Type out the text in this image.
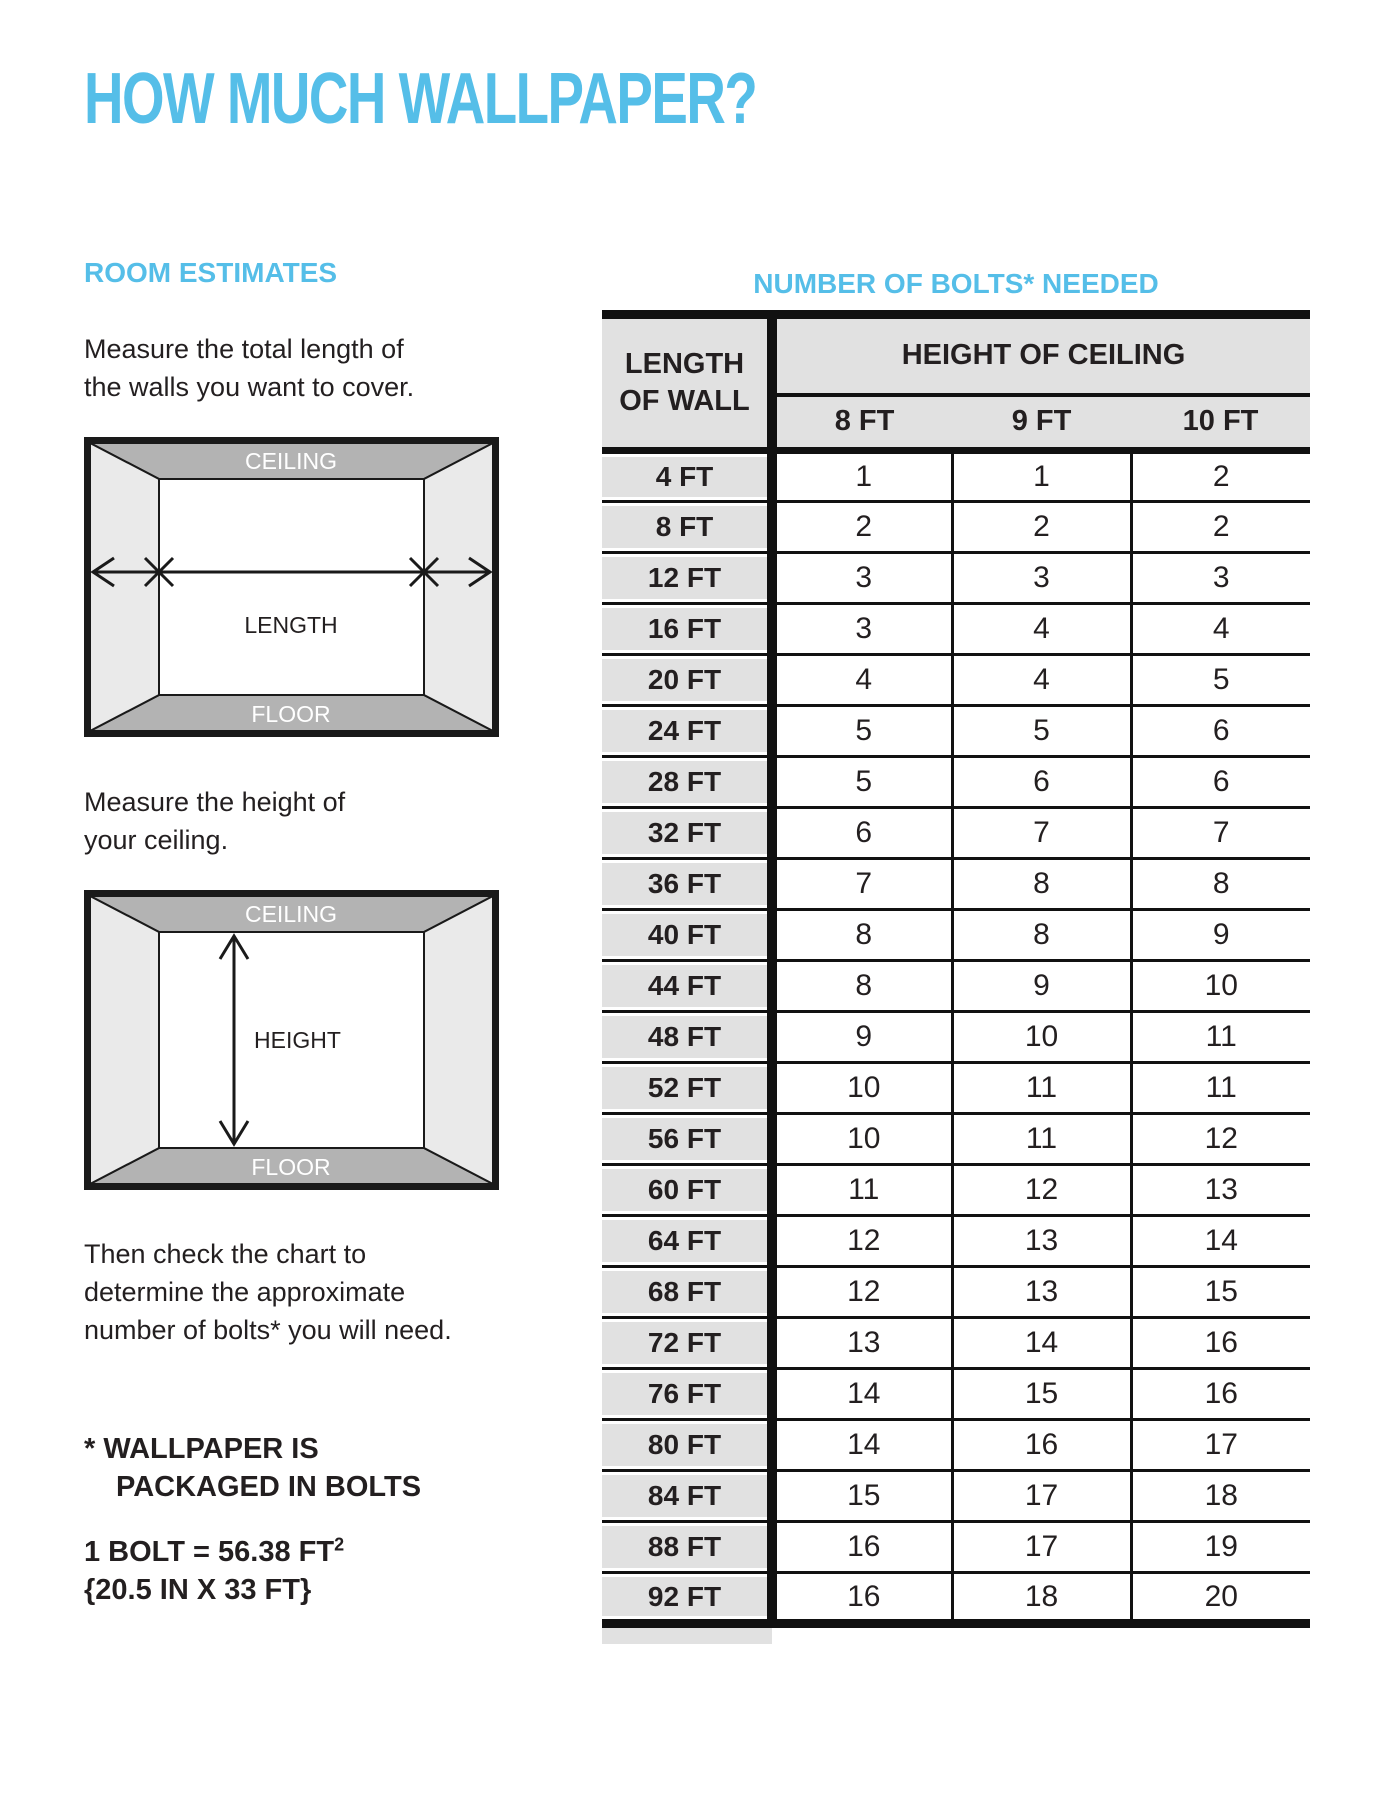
HOW MUCH WALLPAPER?
ROOM ESTIMATES

Measure the total length of
the walls you want to cover.

CEILING
LENGTH
FLOOR

Measure the height of
your ceiling.

CEILING
HEIGHT
FLOOR

Then check the chart to
determine the approximate
number of bolts* you will need.

* WALLPAPER IS
PACKAGED IN BOLTS

1 BOLT = 56.38 $FT^2$
{20.5 IN X 33 FT}

NUMBER OF BOLTS* NEEDED
LENGTH
OF WALL	HEIGHT OF CEILING		
	8 FT	9 FT	10 FT
4 FT	1	1	2
8 FT	2	2	2
12 FT	3	3	3
16 FT	3	4	4
20 FT	4	4	5
24 FT	5	5	6
28 FT	5	6	6
32 FT	6	7	7
36 FT	7	8	8
40 FT	8	8	9
44 FT	8	9	10
48 FT	9	10	11
52 FT	10	11	11
56 FT	10	11	12
60 FT	11	12	13
64 FT	12	13	14
68 FT	12	13	15
72 FT	13	14	16
76 FT	14	15	16
80 FT	14	16	17
84 FT	15	17	18
88 FT	16	17	19
92 FT	16	18	20
